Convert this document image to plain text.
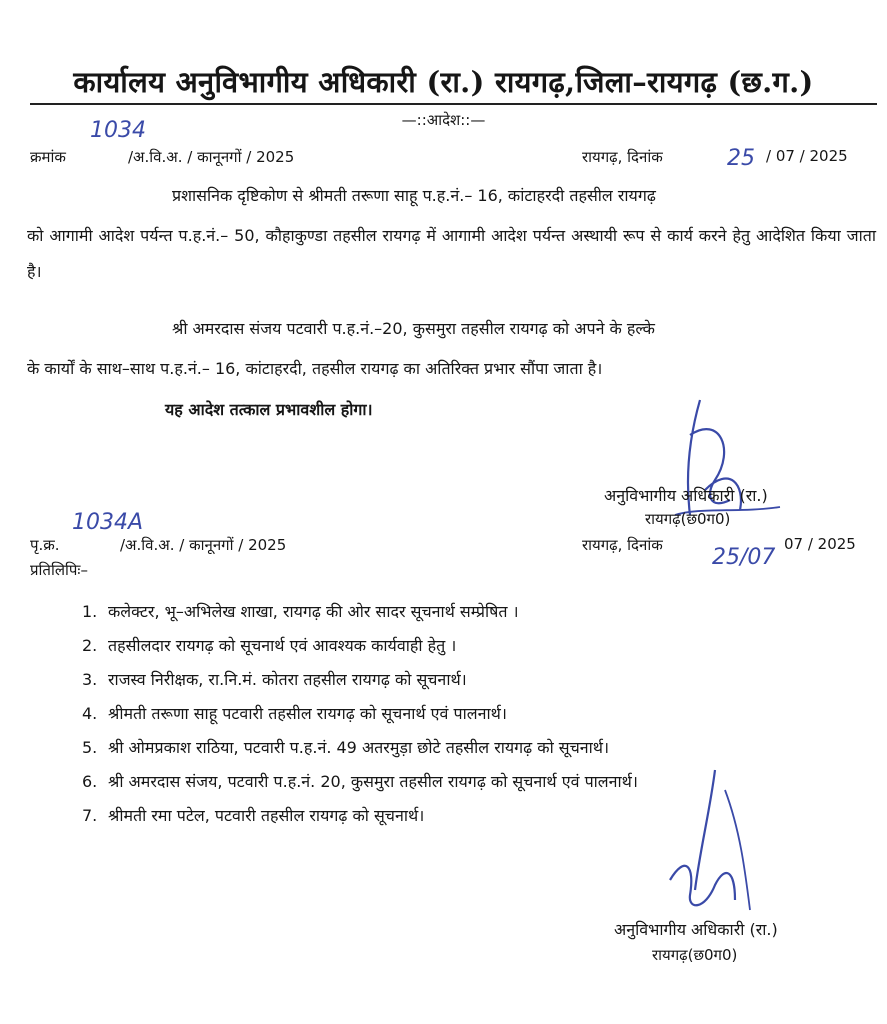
कार्यालय अनुविभागीय अधिकारी (रा.) रायगढ़,जिला–रायगढ़ (छ.ग.)
—::आदेश::—
क्रमांक
1034
/अ.वि.अ. / कानूनगों / 2025	रायगढ़, दिनांक	25 / 07 / 2025
प्रशासनिक दृष्टिकोण से श्रीमती तरूणा साहू प.ह.नं.– 16, कांटाहरदी तहसील रायगढ़
को आगामी आदेश पर्यन्त प.ह.नं.– 50, कौहाकुण्डा तहसील रायगढ़ में आगामी आदेश पर्यन्त अस्थायी रूप से कार्य करने हेतु आदेशित किया जाता है।
श्री अमरदास संजय पटवारी प.ह.नं.–20, कुसमुरा तहसील रायगढ़ को अपने के हल्के
के कार्यों के साथ–साथ प.ह.नं.– 16, कांटाहरदी, तहसील रायगढ़ का अतिरिक्त प्रभार सौंपा जाता है।
यह आदेश तत्काल प्रभावशील होगा।
अनुविभागीय अधिकारी (रा.)
रायगढ़(छ0ग0)
पृ.क्र.
1034A
/अ.वि.अ. / कानूनगों / 2025	रायगढ़, दिनांक 25/07
07 / 2025
प्रतिलिपिः–
1. कलेक्टर, भू–अभिलेख शाखा, रायगढ़ की ओर सादर सूचनार्थ सम्प्रेषित ।
2. तहसीलदार रायगढ़ को सूचनार्थ एवं आवश्यक कार्यवाही हेतु ।
3. राजस्व निरीक्षक, रा.नि.मं. कोतरा तहसील रायगढ़ को सूचनार्थ।
4. श्रीमती तरूणा साहू पटवारी तहसील रायगढ़ को सूचनार्थ एवं पालनार्थ।
5. श्री ओमप्रकाश राठिया, पटवारी प.ह.नं. 49 अतरमुड़ा छोटे तहसील रायगढ़ को सूचनार्थ।
6. श्री अमरदास संजय, पटवारी प.ह.नं. 20, कुसमुरा तहसील रायगढ़ को सूचनार्थ एवं पालनार्थ।
7. श्रीमती रमा पटेल, पटवारी तहसील रायगढ़ को सूचनार्थ।
अनुविभागीय अधिकारी (रा.)
रायगढ़(छ0ग0)
